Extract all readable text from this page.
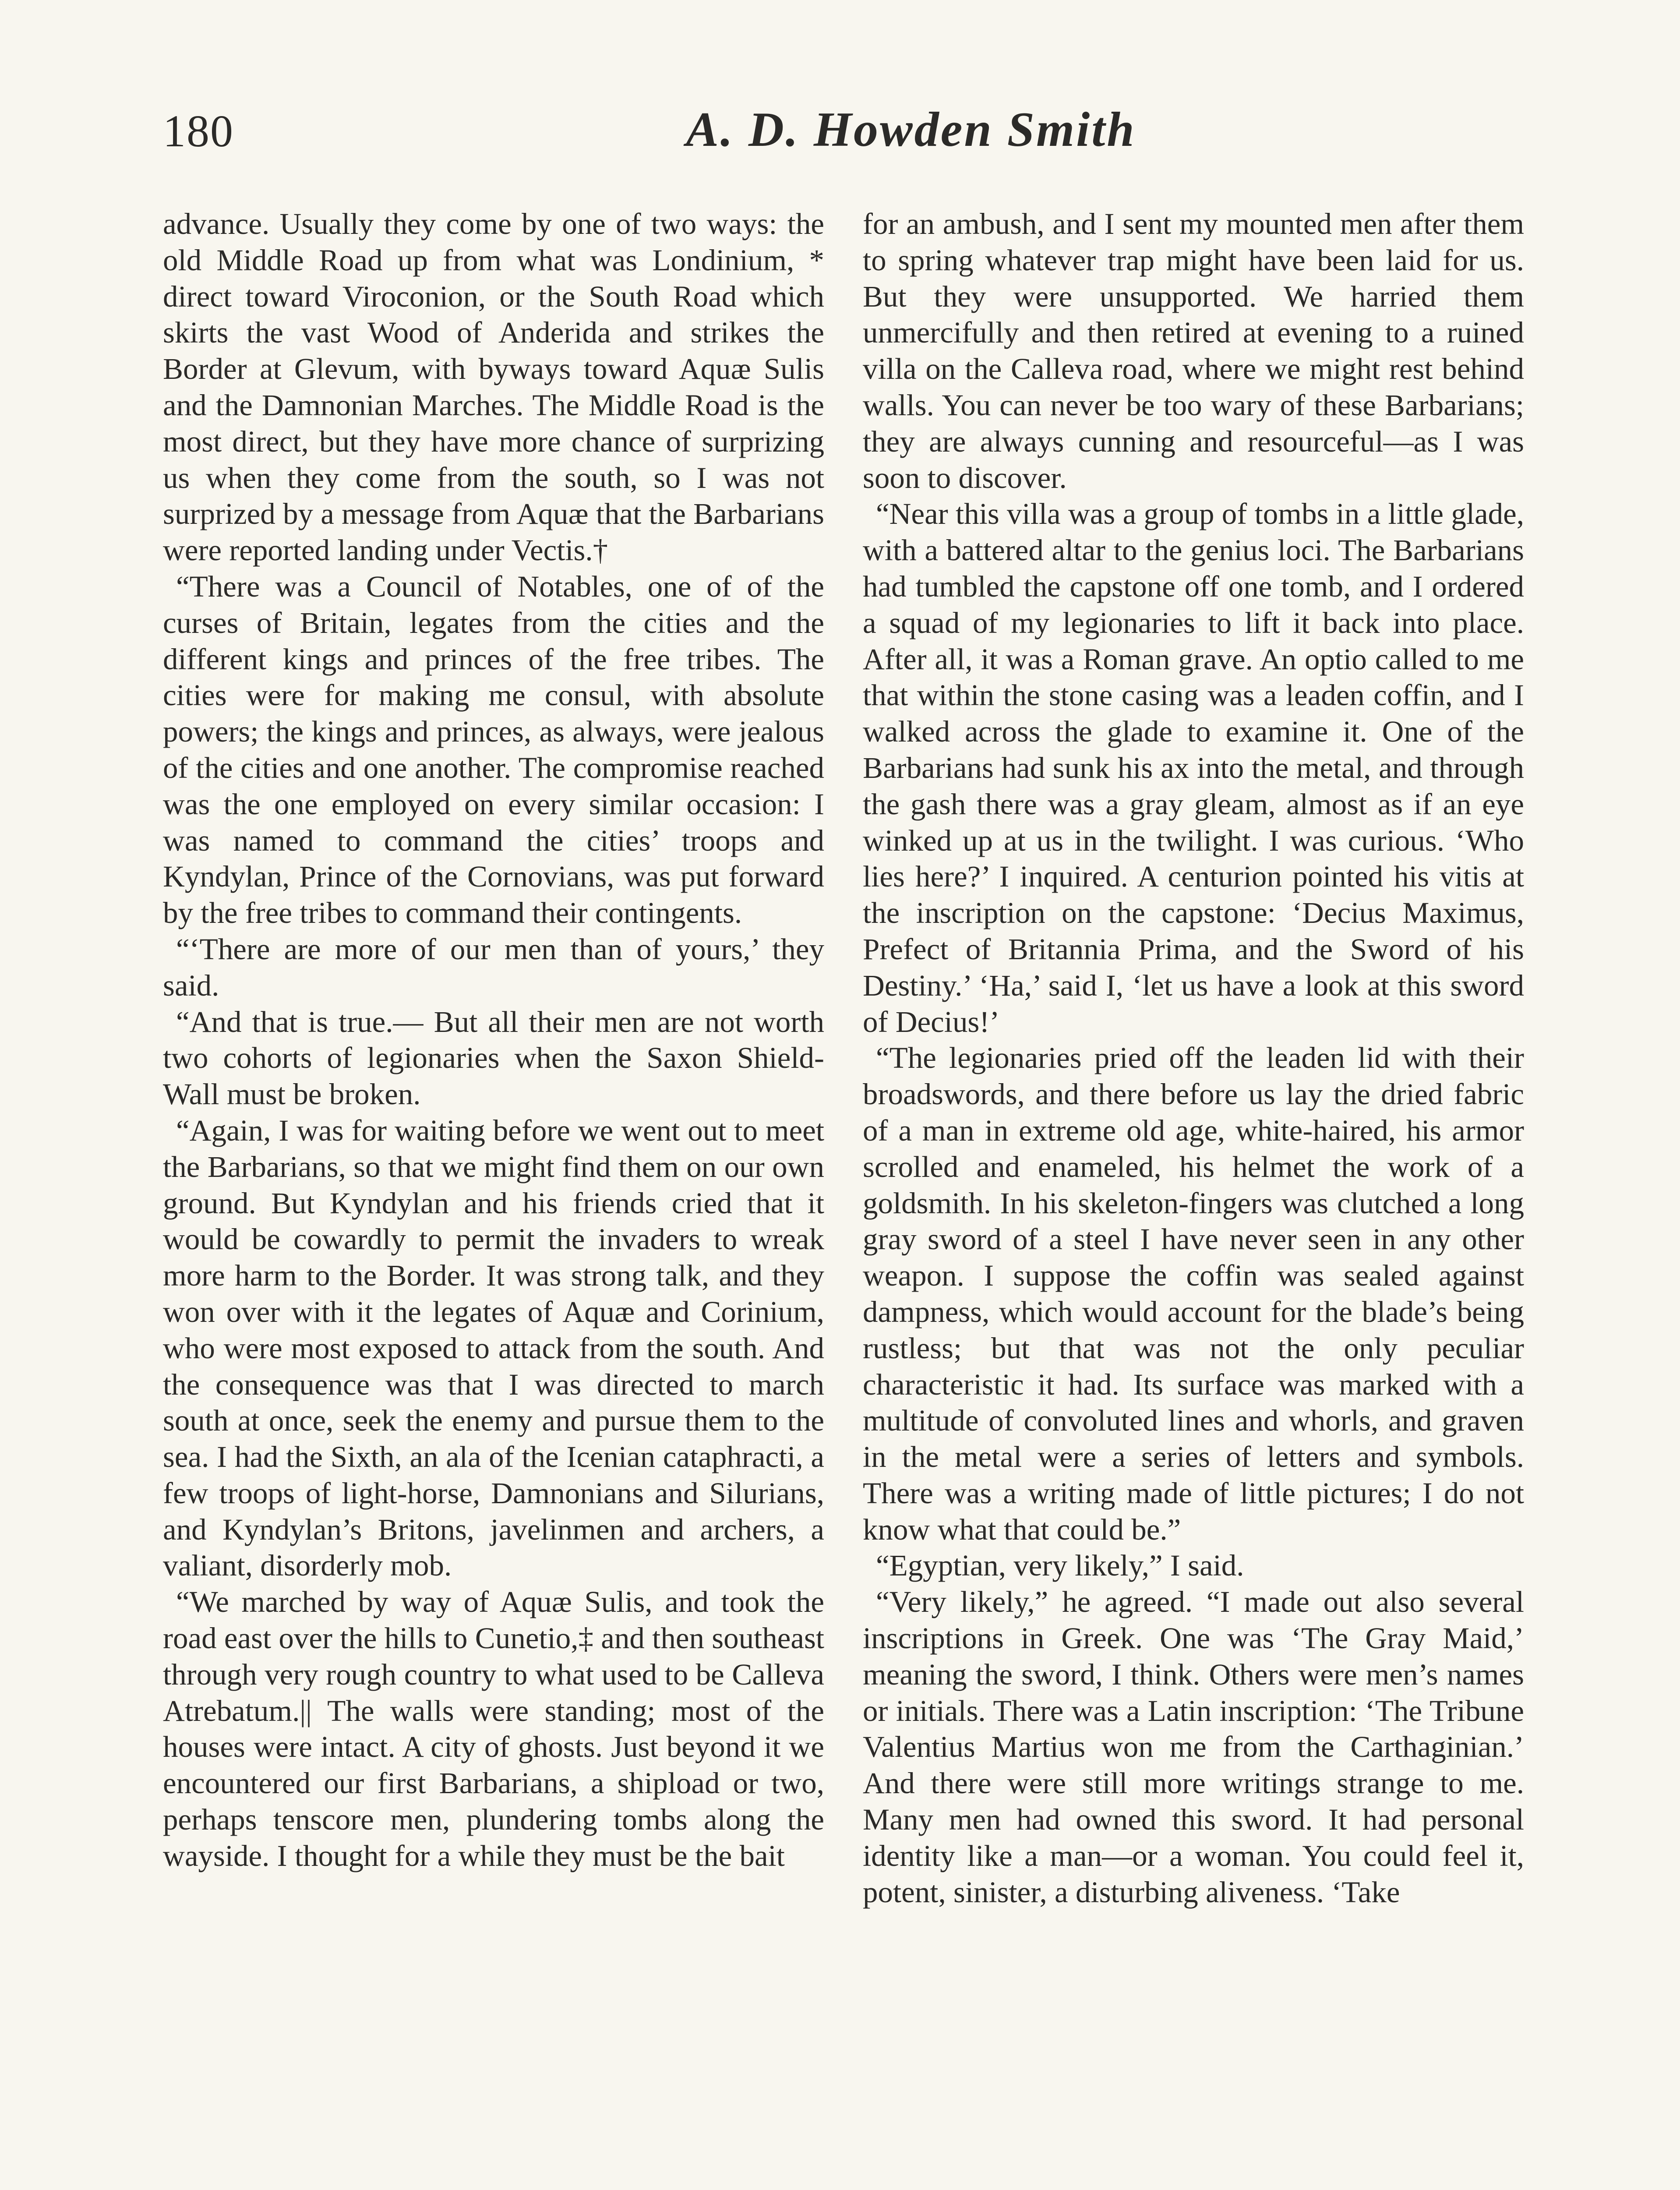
180	A. D. Howden Smith

advance. Usually they come by one of two ways: the old Middle Road up from what was Londinium, * direct toward Viroconion, or the South Road which skirts the vast Wood of Anderida and strikes the Border at Glevum, with byways toward Aquæ Sulis and the Damnonian Marches. The Middle Road is the most direct, but they have more chance of surprizing us when they come from the south, so I was not surprized by a message from Aquæ that the Barbarians were reported landing under Vectis.†

“There was a Council of Notables, one of of the curses of Britain, legates from the cities and the different kings and princes of the free tribes. The cities were for making me consul, with absolute powers; the kings and princes, as always, were jealous of the cities and one another. The compromise reached was the one employed on every similar occasion: I was named to command the cities’ troops and Kyndylan, Prince of the Cornovians, was put forward by the free tribes to command their contingents.

“‘There are more of our men than of yours,’ they said.

“And that is true.— But all their men are not worth two cohorts of legionaries when the Saxon Shield-Wall must be broken.

“Again, I was for waiting before we went out to meet the Barbarians, so that we might find them on our own ground. But Kyndylan and his friends cried that it would be cowardly to permit the invaders to wreak more harm to the Border. It was strong talk, and they won over with it the legates of Aquæ and Corinium, who were most exposed to attack from the south. And the consequence was that I was directed to march south at once, seek the enemy and pursue them to the sea. I had the Sixth, an ala of the Icenian cataphracti, a few troops of light-horse, Damnonians and Silurians, and Kyndylan’s Britons, javelinmen and archers, a valiant, disorderly mob.

“We marched by way of Aquæ Sulis, and took the road east over the hills to Cunetio,‡ and then southeast through very rough country to what used to be Calleva Atrebatum.|| The walls were standing; most of the houses were intact. A city of ghosts. Just beyond it we encountered our first Barbarians, a shipload or two, perhaps tenscore men, plundering tombs along the wayside. I thought for a while they must be the bait

for an ambush, and I sent my mounted men after them to spring whatever trap might have been laid for us. But they were unsupported. We harried them unmercifully and then retired at evening to a ruined villa on the Calleva road, where we might rest behind walls. You can never be too wary of these Barbarians; they are always cunning and resourceful—as I was soon to discover.

“Near this villa was a group of tombs in a little glade, with a battered altar to the genius loci. The Barbarians had tumbled the capstone off one tomb, and I ordered a squad of my legionaries to lift it back into place. After all, it was a Roman grave. An optio called to me that within the stone casing was a leaden coffin, and I walked across the glade to examine it. One of the Barbarians had sunk his ax into the metal, and through the gash there was a gray gleam, almost as if an eye winked up at us in the twilight. I was curious. ‘Who lies here?’ I inquired. A centurion pointed his vitis at the inscription on the capstone: ‘Decius Maximus, Prefect of Britannia Prima, and the Sword of his Destiny.’ ‘Ha,’ said I, ‘let us have a look at this sword of Decius!’

“The legionaries pried off the leaden lid with their broadswords, and there before us lay the dried fabric of a man in extreme old age, white-haired, his armor scrolled and enameled, his helmet the work of a goldsmith. In his skeleton-fingers was clutched a long gray sword of a steel I have never seen in any other weapon. I suppose the coffin was sealed against dampness, which would account for the blade’s being rustless; but that was not the only peculiar characteristic it had. Its surface was marked with a multitude of convoluted lines and whorls, and graven in the metal were a series of letters and symbols. There was a writing made of little pictures; I do not know what that could be.”

“Egyptian, very likely,” I said.

“Very likely,” he agreed. “I made out also several inscriptions in Greek. One was ‘The Gray Maid,’ meaning the sword, I think. Others were men’s names or initials. There was a Latin inscription: ‘The Tribune Valentius Martius won me from the Carthaginian.’ And there were still more writings strange to me. Many men had owned this sword. It had personal identity like a man—or a woman. You could feel it, potent, sinister, a disturbing aliveness. ‘Take
